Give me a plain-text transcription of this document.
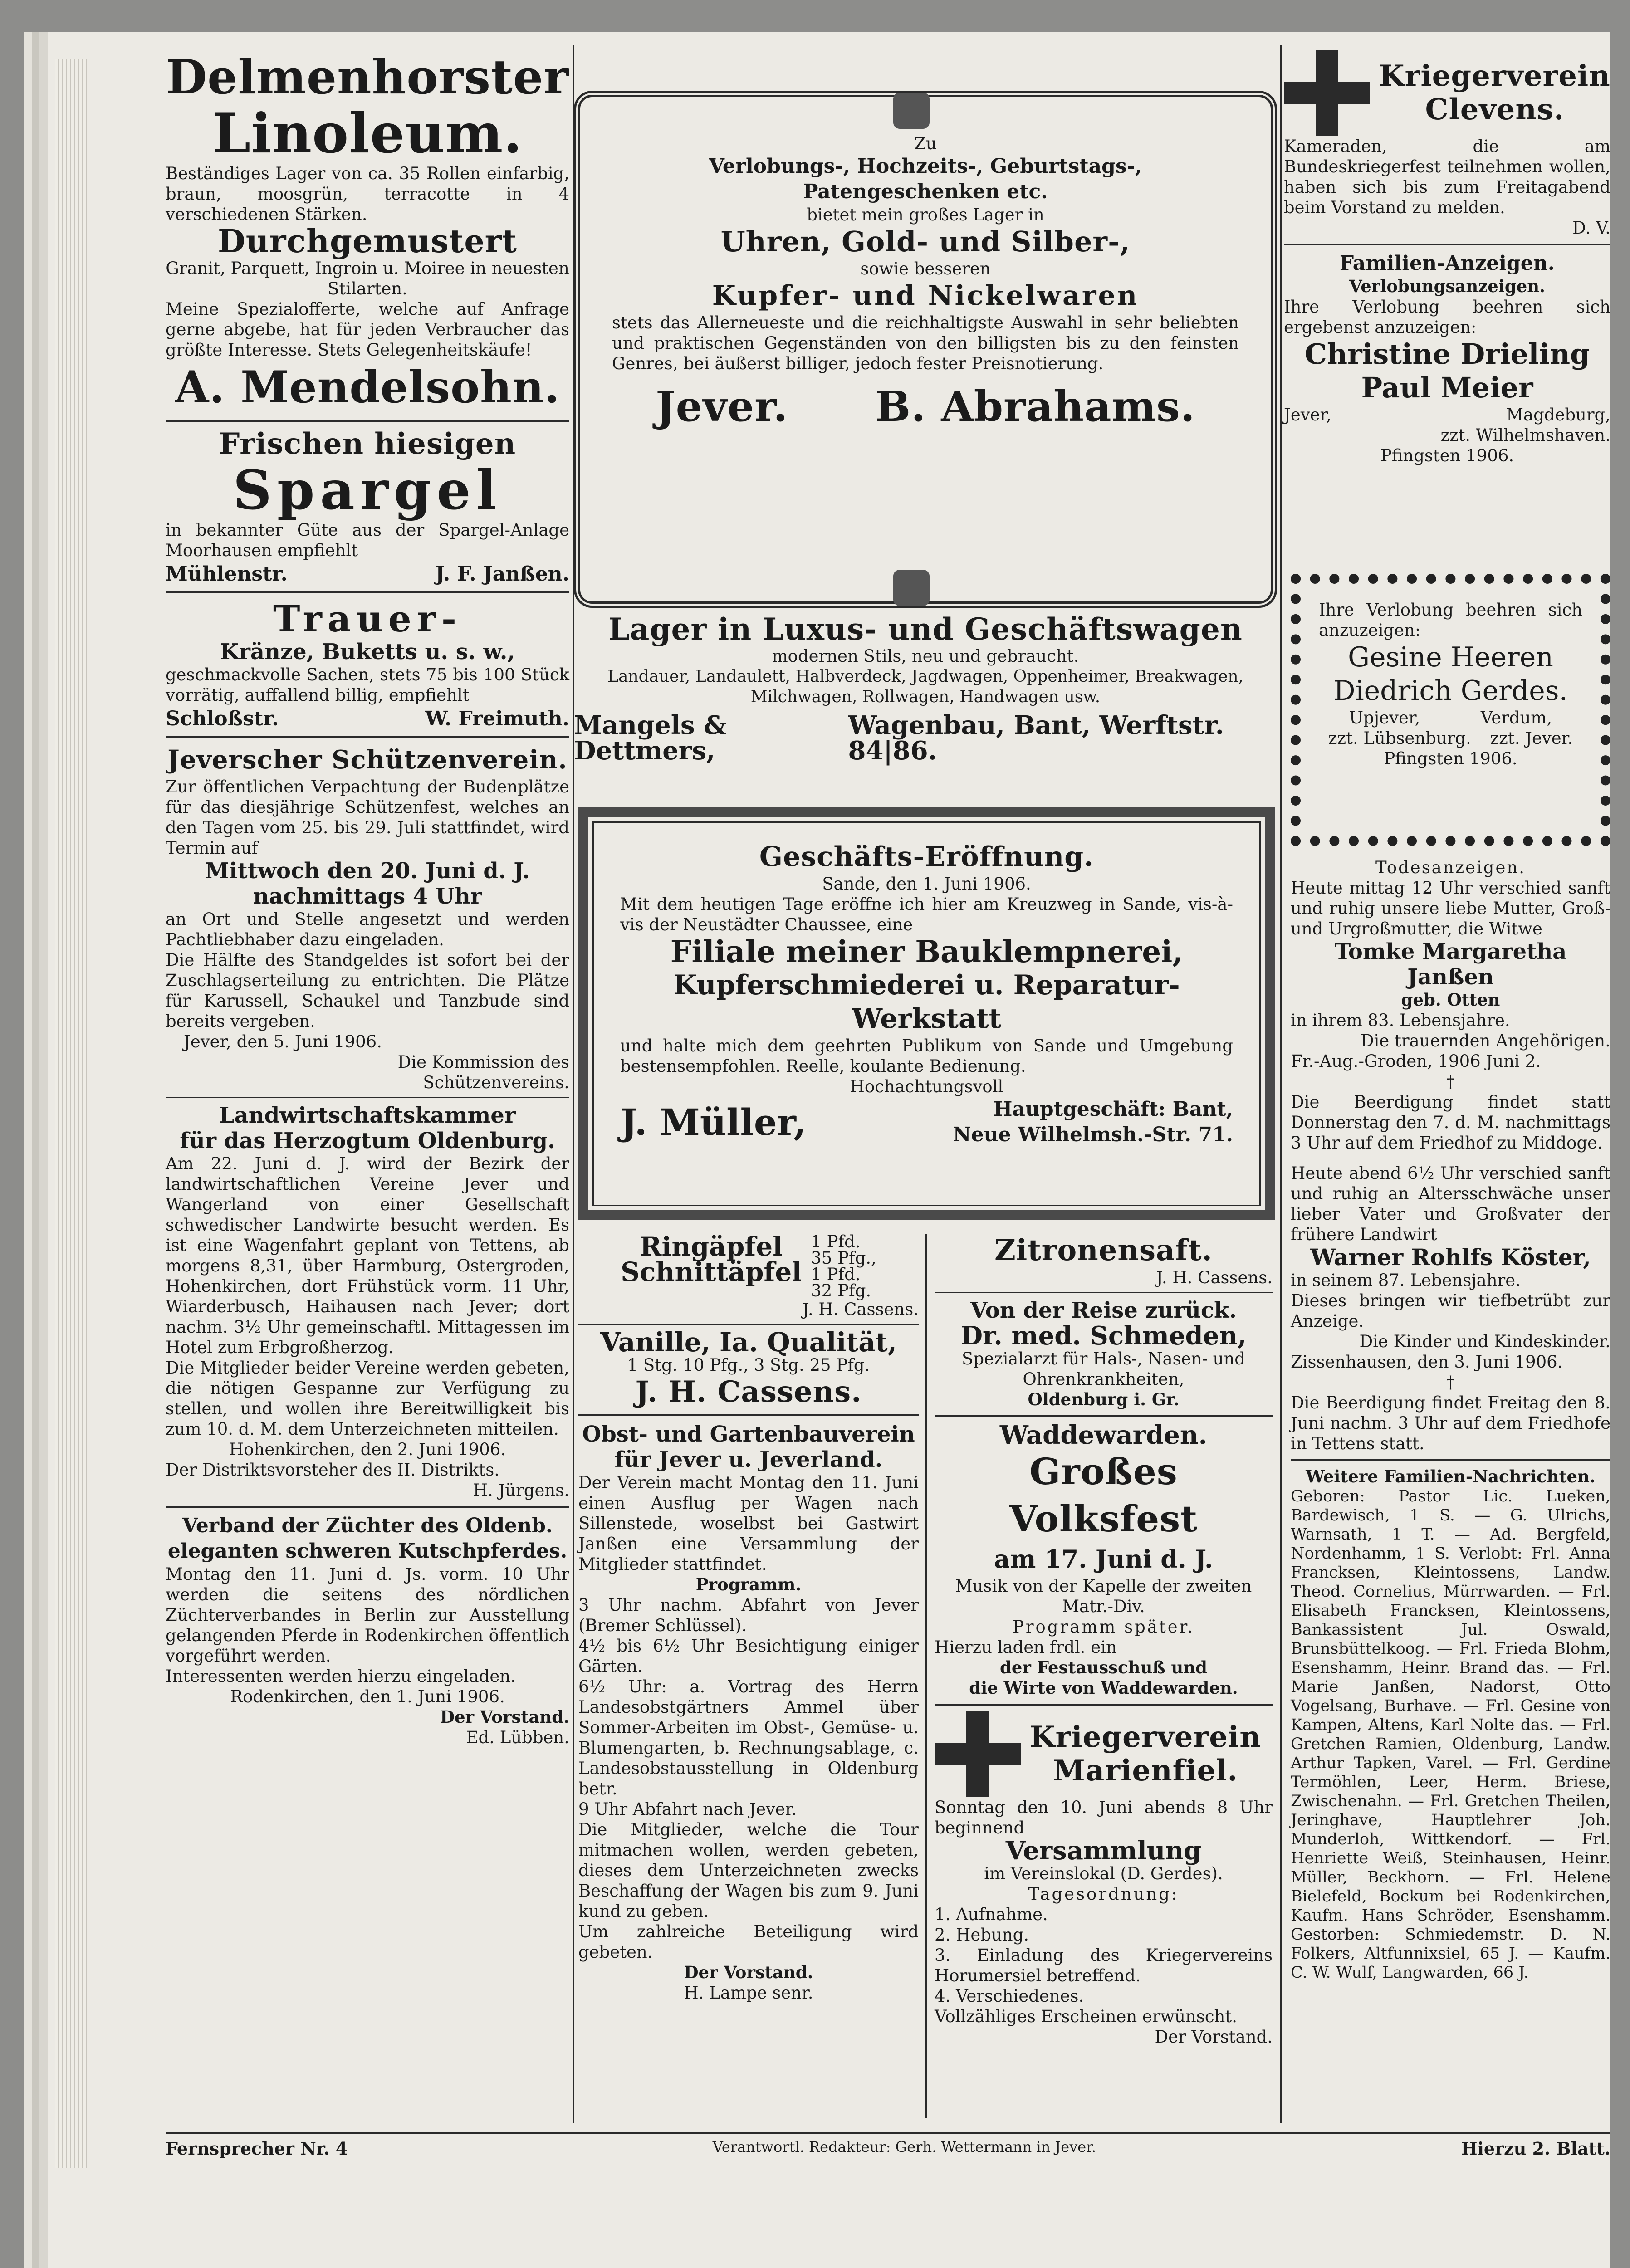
Delmenhorster
Linoleum.
Beständiges Lager von ca. 35 Rollen einfarbig, braun, moosgrün, terracotte in 4 verschiedenen Stärken.
Durchgemustert
Granit, Parquett, Ingroin u. Moiree in neuesten Stilarten.
Meine Spezialofferte, welche auf Anfrage gerne abgebe, hat für jeden Verbraucher das größte Interesse. Stets Gelegenheitskäufe!
A. Mendelsohn.
Frischen hiesigen
Spargel
in bekannter Güte aus der Spargel-Anlage Moorhausen empfiehlt
Mühlenstr.	J. F. Janßen.
Trauer-
Kränze, Buketts u. s. w.,
geschmackvolle Sachen, stets 75 bis 100 Stück vorrätig, auffallend billig, empfiehlt
Schloßstr.	W. Freimuth.
Jeverscher Schützenverein.
Zur öffentlichen Verpachtung der Budenplätze für das diesjährige Schützenfest, welches an den Tagen vom 25. bis 29. Juli stattfindet, wird Termin auf
Mittwoch den 20. Juni d. J.
nachmittags 4 Uhr
an Ort und Stelle angesetzt und werden Pachtliebhaber dazu eingeladen.
Die Hälfte des Standgeldes ist sofort bei der Zuschlagserteilung zu entrichten. Die Plätze für Karussell, Schaukel und Tanzbude sind bereits vergeben.
Jever, den 5. Juni 1906.
Die Kommission des
Schützenvereins.
Landwirtschaftskammer
für das Herzogtum Oldenburg.
Am 22. Juni d. J. wird der Bezirk der landwirtschaftlichen Vereine Jever und Wangerland von einer Gesellschaft schwedischer Landwirte besucht werden. Es ist eine Wagenfahrt geplant von Tettens, ab morgens 8,31, über Harmburg, Ostergroden, Hohenkirchen, dort Frühstück vorm. 11 Uhr, Wiarderbusch, Haihausen nach Jever; dort nachm. 3½ Uhr gemeinschaftl. Mittagessen im Hotel zum Erbgroßherzog.
Die Mitglieder beider Vereine werden gebeten, die nötigen Gespanne zur Verfügung zu stellen, und wollen ihre Bereitwilligkeit bis zum 10. d. M. dem Unterzeichneten mitteilen.
Hohenkirchen, den 2. Juni 1906.
Der Distriktsvorsteher des II. Distrikts.
H. Jürgens.
Verband der Züchter des Oldenb.
eleganten schweren Kutschpferdes.
Montag den 11. Juni d. Js. vorm. 10 Uhr werden die seitens des nördlichen Züchterverbandes in Berlin zur Ausstellung gelangenden Pferde in Rodenkirchen öffentlich vorgeführt werden.
Interessenten werden hierzu eingeladen.
Rodenkirchen, den 1. Juni 1906.
Der Vorstand.
Ed. Lübben.
Zu
Verlobungs-, Hochzeits-, Geburtstags-, Patengeschenken etc.
bietet mein großes Lager in
Uhren, Gold- und Silber-,
sowie besseren
Kupfer- und Nickelwaren
stets das Allerneueste und die reichhaltigste Auswahl in sehr beliebten und praktischen Gegenständen von den billigsten bis zu den feinsten Genres, bei äußerst billiger, jedoch fester Preisnotierung.
Jever. B. Abrahams.
Lager in Luxus- und Geschäftswagen
modernen Stils, neu und gebraucht.
Landauer, Landaulett, Halbverdeck, Jagdwagen, Oppenheimer, Breakwagen, Milchwagen, Rollwagen, Handwagen usw.
Mangels & Dettmers,
Wagenbau, Bant, Werftstr. 84|86.
Geschäfts-Eröffnung.
Sande, den 1. Juni 1906.
Mit dem heutigen Tage eröffne ich hier am Kreuzweg in Sande, vis-à-vis der Neustädter Chaussee, eine
Filiale meiner Bauklempnerei,
Kupferschmiederei u. Reparatur-Werkstatt
und halte mich dem geehrten Publikum von Sande und Umgebung bestensempfohlen. Reelle, koulante Bedienung.
Hochachtungsvoll
J. Müller,	Hauptgeschäft: Bant,
Neue Wilhelmsh.-Str. 71.
Ringäpfel
Schnittäpfel
1 Pfd.
35 Pfg.,
1 Pfd.
32 Pfg.
J. H. Cassens.
Vanille, Ia. Qualität,
1 Stg. 10 Pfg., 3 Stg. 25 Pfg.
J. H. Cassens.
Obst- und Gartenbauverein
für Jever u. Jeverland.
Der Verein macht Montag den 11. Juni einen Ausflug per Wagen nach Sillenstede, woselbst bei Gastwirt Janßen eine Versammlung der Mitglieder stattfindet.
Programm.
3 Uhr nachm. Abfahrt von Jever (Bremer Schlüssel).
4½ bis 6½ Uhr Besichtigung einiger Gärten.
6½ Uhr: a. Vortrag des Herrn Landesobstgärtners Ammel über Sommer-Arbeiten im Obst-, Gemüse- u. Blumengarten, b. Rechnungsablage, c. Landesobstausstellung in Oldenburg betr.
9 Uhr Abfahrt nach Jever.
Die Mitglieder, welche die Tour mitmachen wollen, werden gebeten, dieses dem Unterzeichneten zwecks Beschaffung der Wagen bis zum 9. Juni kund zu geben.
Um zahlreiche Beteiligung wird gebeten.
Der Vorstand.
H. Lampe senr.
Zitronensaft.
J. H. Cassens.
Von der Reise zurück.
Dr. med. Schmeden,
Spezialarzt für Hals-, Nasen- und Ohrenkrankheiten,
Oldenburg i. Gr.
Waddewarden.
Großes Volksfest
am 17. Juni d. J.
Musik von der Kapelle der zweiten Matr.-Div.
Programm später.
Hierzu laden frdl. ein
der Festausschuß und
die Wirte von Waddewarden.
Kriegerverein
Marienfiel.
Sonntag den 10. Juni abends 8 Uhr beginnend
Versammlung
im Vereinslokal (D. Gerdes).
Tagesordnung:
1. Aufnahme.
2. Hebung.
3. Einladung des Kriegervereins Horumersiel betreffend.
4. Verschiedenes.
Vollzähliges Erscheinen erwünscht.
Der Vorstand.
Kriegerverein
Clevens.
Kameraden, die am Bundeskriegerfest teilnehmen wollen, haben sich bis zum Freitagabend beim Vorstand zu melden.
D. V.
Familien-Anzeigen.
Verlobungsanzeigen.
Ihre Verlobung beehren sich ergebenst anzuzeigen:
Christine Drieling
Paul Meier
Jever,	Magdeburg,
zzt. Wilhelmshaven.
Pfingsten 1906.
Ihre Verlobung beehren sich anzuzeigen:
Gesine Heeren
Diedrich Gerdes.
Upjever,	Verdum,
zzt. Lübsenburg. zzt. Jever.
Pfingsten 1906.
Todesanzeigen.
Heute mittag 12 Uhr verschied sanft und ruhig unsere liebe Mutter, Groß- und Urgroßmutter, die Witwe
Tomke Margaretha Janßen
geb. Otten
in ihrem 83. Lebensjahre.
Die trauernden Angehörigen.
Fr.-Aug.-Groden, 1906 Juni 2.
†
Die Beerdigung findet statt Donnerstag den 7. d. M. nachmittags 3 Uhr auf dem Friedhof zu Middoge.
Heute abend 6½ Uhr verschied sanft und ruhig an Altersschwäche unser lieber Vater und Großvater der frühere Landwirt
Warner Rohlfs Köster,
in seinem 87. Lebensjahre.
Dieses bringen wir tiefbetrübt zur Anzeige.
Die Kinder und Kindeskinder.
Zissenhausen, den 3. Juni 1906.
†
Die Beerdigung findet Freitag den 8. Juni nachm. 3 Uhr auf dem Friedhofe in Tettens statt.
Weitere Familien-Nachrichten.
Geboren: Pastor Lic. Lueken, Bardewisch, 1 S. — G. Ulrichs, Warnsath, 1 T. — Ad. Bergfeld, Nordenhamm, 1 S. Verlobt: Frl. Anna Francksen, Kleintossens, Landw. Theod. Cornelius, Mürrwarden. — Frl. Elisabeth Francksen, Kleintossens, Bankassistent Jul. Oswald, Brunsbüttelkoog. — Frl. Frieda Blohm, Esenshamm, Heinr. Brand das. — Frl. Marie Janßen, Nadorst, Otto Vogelsang, Burhave. — Frl. Gesine von Kampen, Altens, Karl Nolte das. — Frl. Gretchen Ramien, Oldenburg, Landw. Arthur Tapken, Varel. — Frl. Gerdine Termöhlen, Leer, Herm. Briese, Zwischenahn. — Frl. Gretchen Theilen, Jeringhave, Hauptlehrer Joh. Munderloh, Wittkendorf. — Frl. Henriette Weiß, Steinhausen, Heinr. Müller, Beckhorn. — Frl. Helene Bielefeld, Bockum bei Rodenkirchen, Kaufm. Hans Schröder, Esenshamm. Gestorben: Schmiedemstr. D. N. Folkers, Altfunnixsiel, 65 J. — Kaufm. C. W. Wulf, Langwarden, 66 J.
Fernsprecher Nr. 4	Verantwortl. Redakteur: Gerh. Wettermann in Jever.	Hierzu 2. Blatt.
